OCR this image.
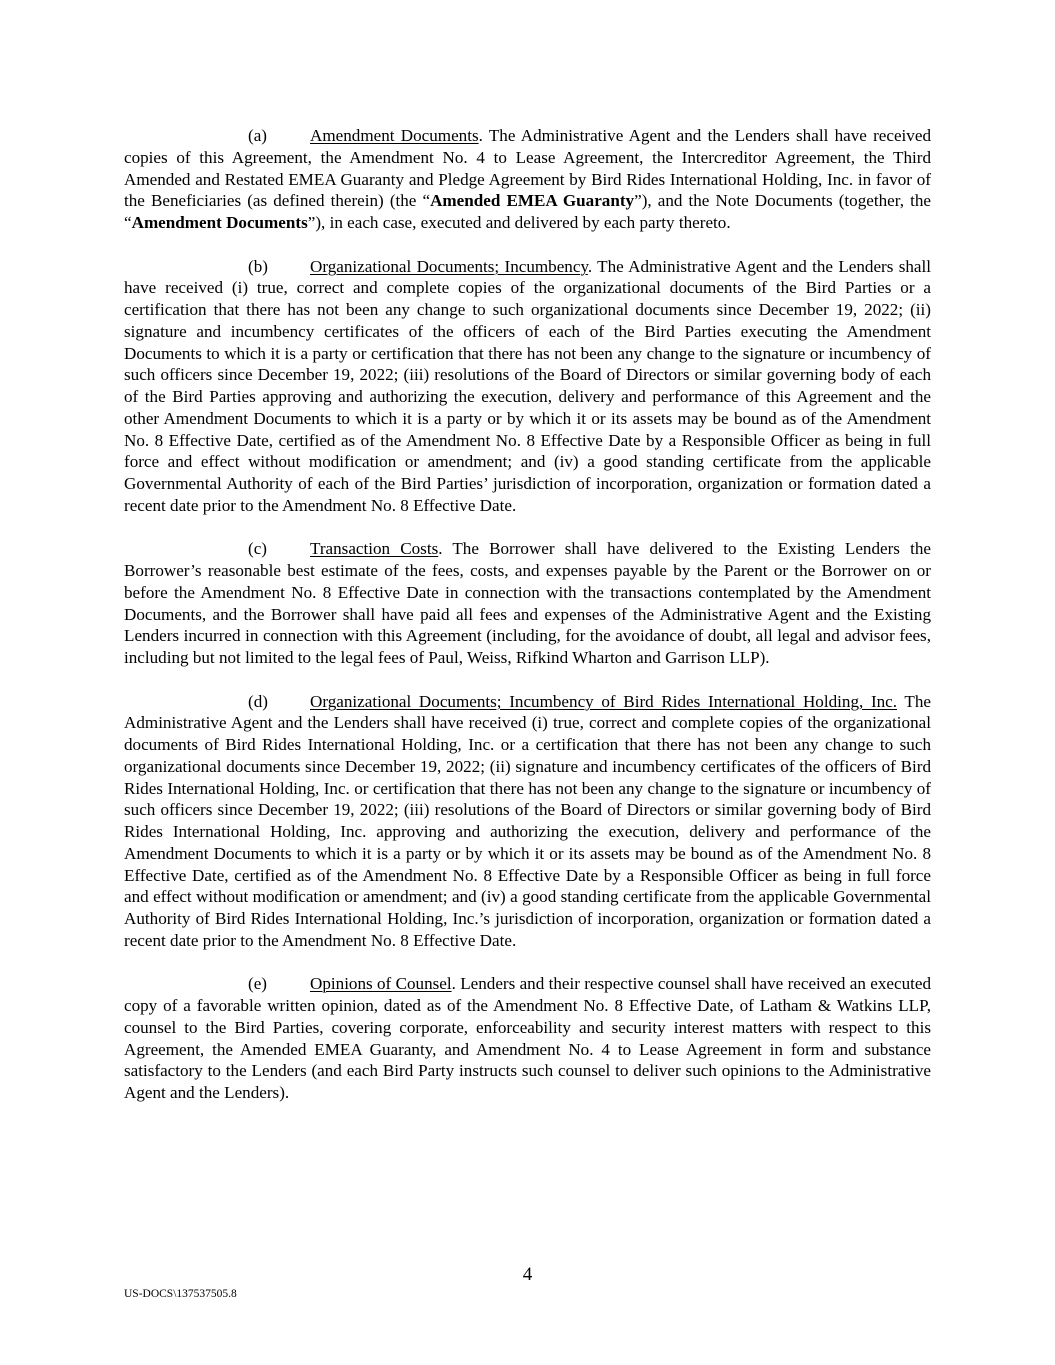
(a)	Amendment Documents. The Administrative Agent and the Lenders shall have received copies of this Agreement, the Amendment No. 4 to Lease Agreement, the Intercreditor Agreement, the Third Amended and Restated EMEA Guaranty and Pledge Agreement by Bird Rides International Holding, Inc. in favor of the Beneficiaries (as defined therein) (the “Amended EMEA Guaranty”), and the Note Documents (together, the “Amendment Documents”), in each case, executed and delivered by each party thereto.

(b) Organizational Documents; Incumbency. The Administrative Agent and the Lenders shall have received (i) true, correct and complete copies of the organizational documents of the Bird Parties or a certification that there has not been any change to such organizational documents since December 19, 2022; (ii) signature and incumbency certificates of the officers of each of the Bird Parties executing the Amendment Documents to which it is a party or certification that there has not been any change to the signature or incumbency of such officers since December 19, 2022; (iii) resolutions of the Board of Directors or similar governing body of each of the Bird Parties approving and authorizing the execution, delivery and performance of this Agreement and the other Amendment Documents to which it is a party or by which it or its assets may be bound as of the Amendment No. 8 Effective Date, certified as of the Amendment No. 8 Effective Date by a Responsible Officer as being in full force and effect without modification or amendment; and (iv) a good standing certificate from the applicable Governmental Authority of each of the Bird Parties’ jurisdiction of incorporation, organization or formation dated a recent date prior to the Amendment No. 8 Effective Date.

(c)	Transaction Costs. The Borrower shall have delivered to the Existing Lenders the Borrower’s reasonable best estimate of the fees, costs, and expenses payable by the Parent or the Borrower on or before the Amendment No. 8 Effective Date in connection with the transactions contemplated by the Amendment Documents, and the Borrower shall have paid all fees and expenses of the Administrative Agent and the Existing Lenders incurred in connection with this Agreement (including, for the avoidance of doubt, all legal and advisor fees, including but not limited to the legal fees of Paul, Weiss, Rifkind Wharton and Garrison LLP).

(d) Organizational Documents; Incumbency of Bird Rides International Holding, Inc. The Administrative Agent and the Lenders shall have received (i) true, correct and complete copies of the organizational documents of Bird Rides International Holding, Inc. or a certification that there has not been any change to such organizational documents since December 19, 2022; (ii) signature and incumbency certificates of the officers of Bird Rides International Holding, Inc. or certification that there has not been any change to the signature or incumbency of such officers since December 19, 2022; (iii) resolutions of the Board of Directors or similar governing body of Bird Rides International Holding, Inc. approving and authorizing the execution, delivery and performance of the Amendment Documents to which it is a party or by which it or its assets may be bound as of the Amendment No. 8 Effective Date, certified as of the Amendment No. 8 Effective Date by a Responsible Officer as being in full force and effect without modification or amendment; and (iv) a good standing certificate from the applicable Governmental Authority of Bird Rides International Holding, Inc.’s jurisdiction of incorporation, organization or formation dated a recent date prior to the Amendment No. 8 Effective Date.

(e)	Opinions of Counsel. Lenders and their respective counsel shall have received an executed copy of a favorable written opinion, dated as of the Amendment No. 8 Effective Date, of Latham & Watkins LLP, counsel to the Bird Parties, covering corporate, enforceability and security interest matters with respect to this Agreement, the Amended EMEA Guaranty, and Amendment No. 4 to Lease Agreement in form and substance satisfactory to the Lenders (and each Bird Party instructs such counsel to deliver such opinions to the Administrative Agent and the Lenders).

4
US-DOCS\137537505.8
